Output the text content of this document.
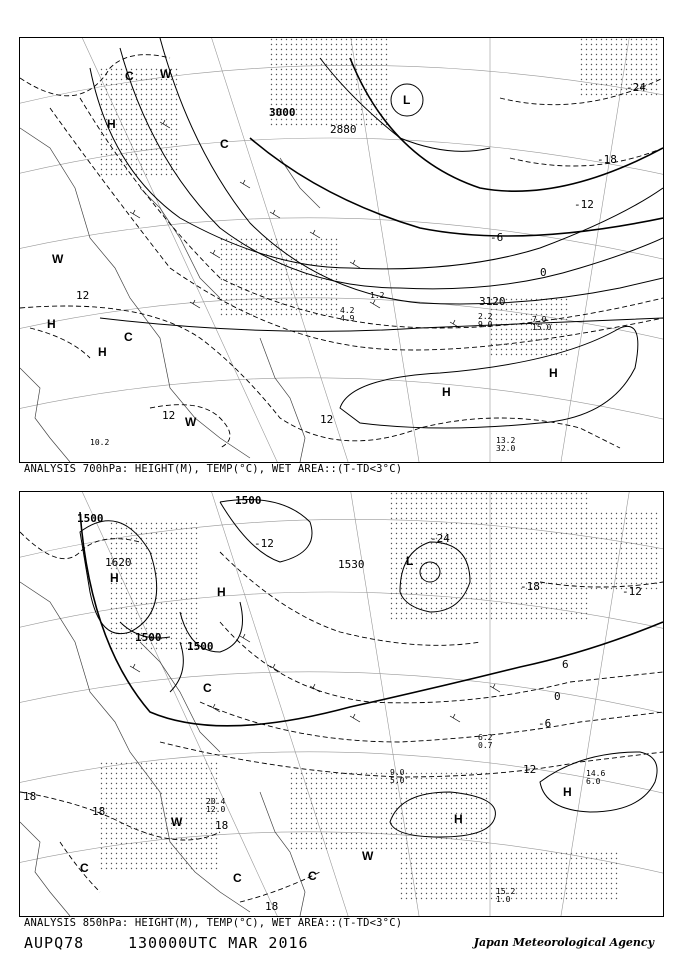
3000
2880
3120
-24
-18
-12
-6
0
12
12	12
H
H
H
H
H
L
C
C
C
W
W
W
13.2
32.0
2.2
9.0
4.2
4.9	7.0
15.0
10.2
1.2
ANALYSIS 700hPa: HEIGHT(M), TEMP(°C), WET AREA::(T-TD<3°C)
1500
1500
1500
1500
1620	1530
-24
-12
-18	-12
-6
0
6
12
18
18
18
18
H
H
H
H
L
C
C
C	C
W
W
14.6
6.0
6.2
0.7
9.0
5.0
15.2
1.0
20.4
12.0
ANALYSIS 850hPa: HEIGHT(M), TEMP(°C), WET AREA::(T-TD<3°C)
AUPQ78	130000UTC MAR 2016	Japan Meteorological Agency
